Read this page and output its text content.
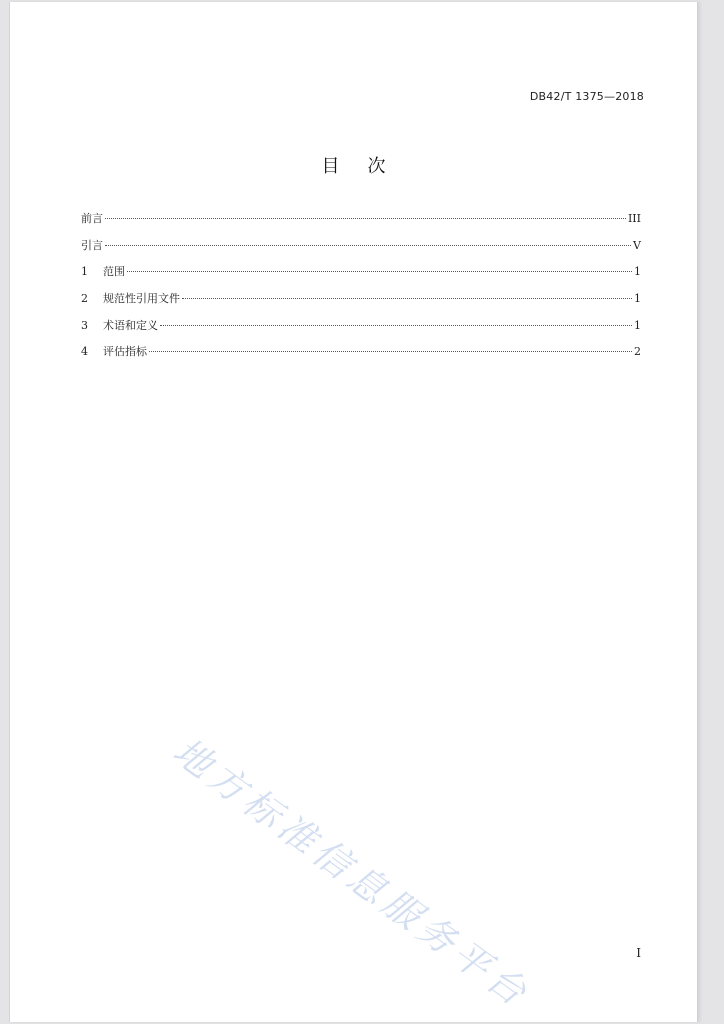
DB42/T 1375—2018
目 次
前言	III
引言	V
1	范围	1
2	规范性引用文件	1
3	术语和定义	1
4	评估指标	2
地方标准信息服务平台	I
